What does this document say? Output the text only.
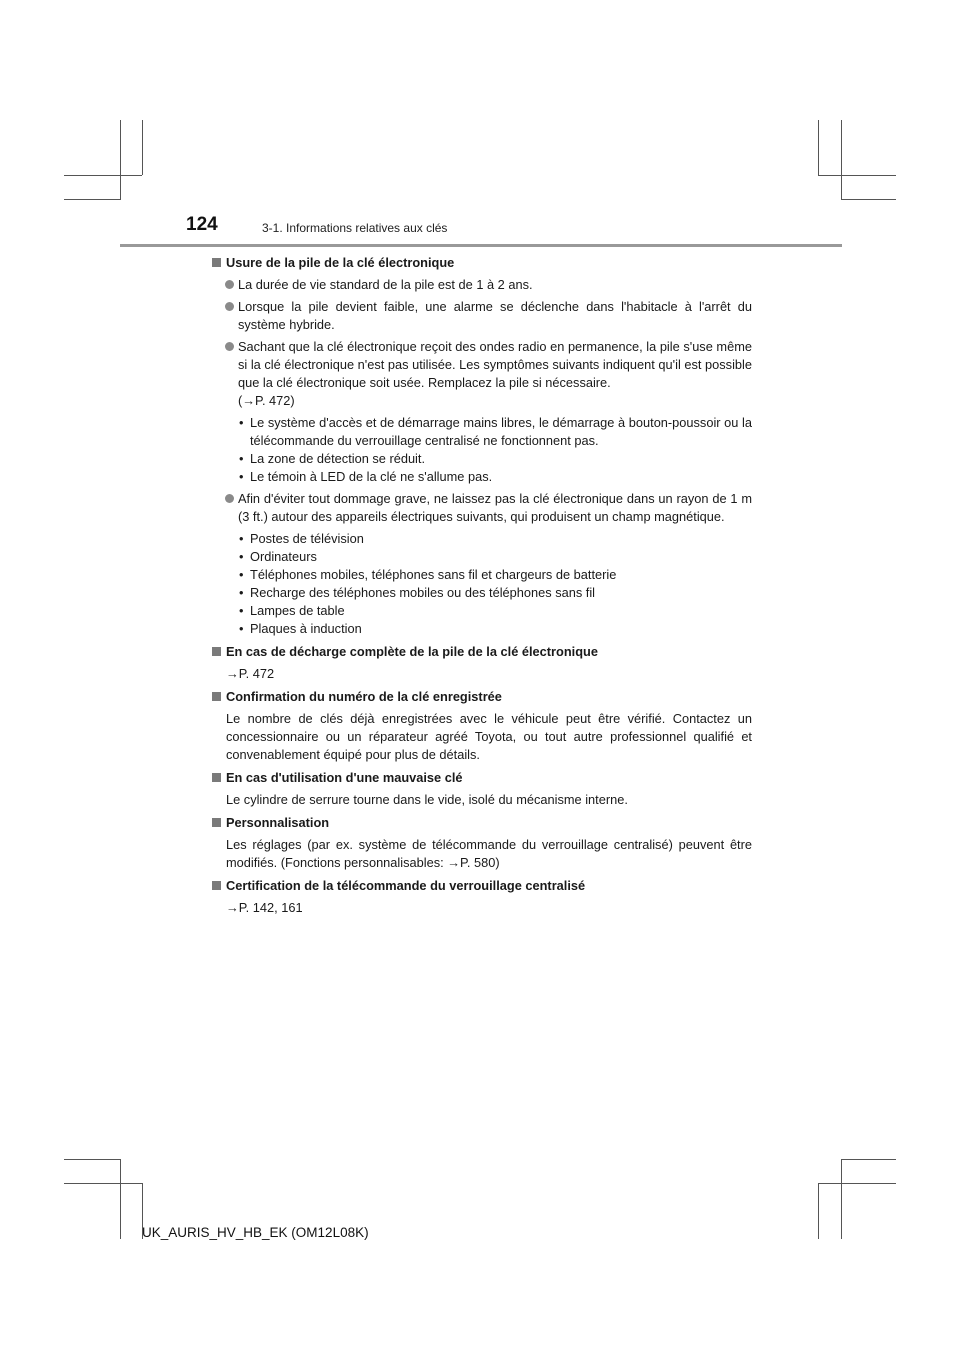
124	3-1. Informations relatives aux clés
Usure de la pile de la clé électronique
La durée de vie standard de la pile est de 1 à 2 ans.
Lorsque la pile devient faible, une alarme se déclenche dans l'habitacle à l'arrêt du système hybride.
Sachant que la clé électronique reçoit des ondes radio en permanence, la pile s'use même si la clé électronique n'est pas utilisée. Les symptômes suivants indiquent qu'il est possible que la clé électronique soit usée. Remplacez la pile si nécessaire.
(→P. 472)
• Le système d'accès et de démarrage mains libres, le démarrage à bouton-poussoir ou la télécommande du verrouillage centralisé ne fonctionnent pas.
• La zone de détection se réduit.
• Le témoin à LED de la clé ne s'allume pas.
Afin d'éviter tout dommage grave, ne laissez pas la clé électronique dans un rayon de 1 m (3 ft.) autour des appareils électriques suivants, qui produisent un champ magnétique.
• Postes de télévision
• Ordinateurs
• Téléphones mobiles, téléphones sans fil et chargeurs de batterie
• Recharge des téléphones mobiles ou des téléphones sans fil
• Lampes de table
• Plaques à induction
En cas de décharge complète de la pile de la clé électronique
→P. 472
Confirmation du numéro de la clé enregistrée
Le nombre de clés déjà enregistrées avec le véhicule peut être vérifié. Contactez un concessionnaire ou un réparateur agréé Toyota, ou tout autre professionnel qualifié et convenablement équipé pour plus de détails.
En cas d'utilisation d'une mauvaise clé
Le cylindre de serrure tourne dans le vide, isolé du mécanisme interne.
Personnalisation
Les réglages (par ex. système de télécommande du verrouillage centralisé) peuvent être modifiés. (Fonctions personnalisables: →P. 580)
Certification de la télécommande du verrouillage centralisé
→P. 142, 161
UK_AURIS_HV_HB_EK (OM12L08K)
